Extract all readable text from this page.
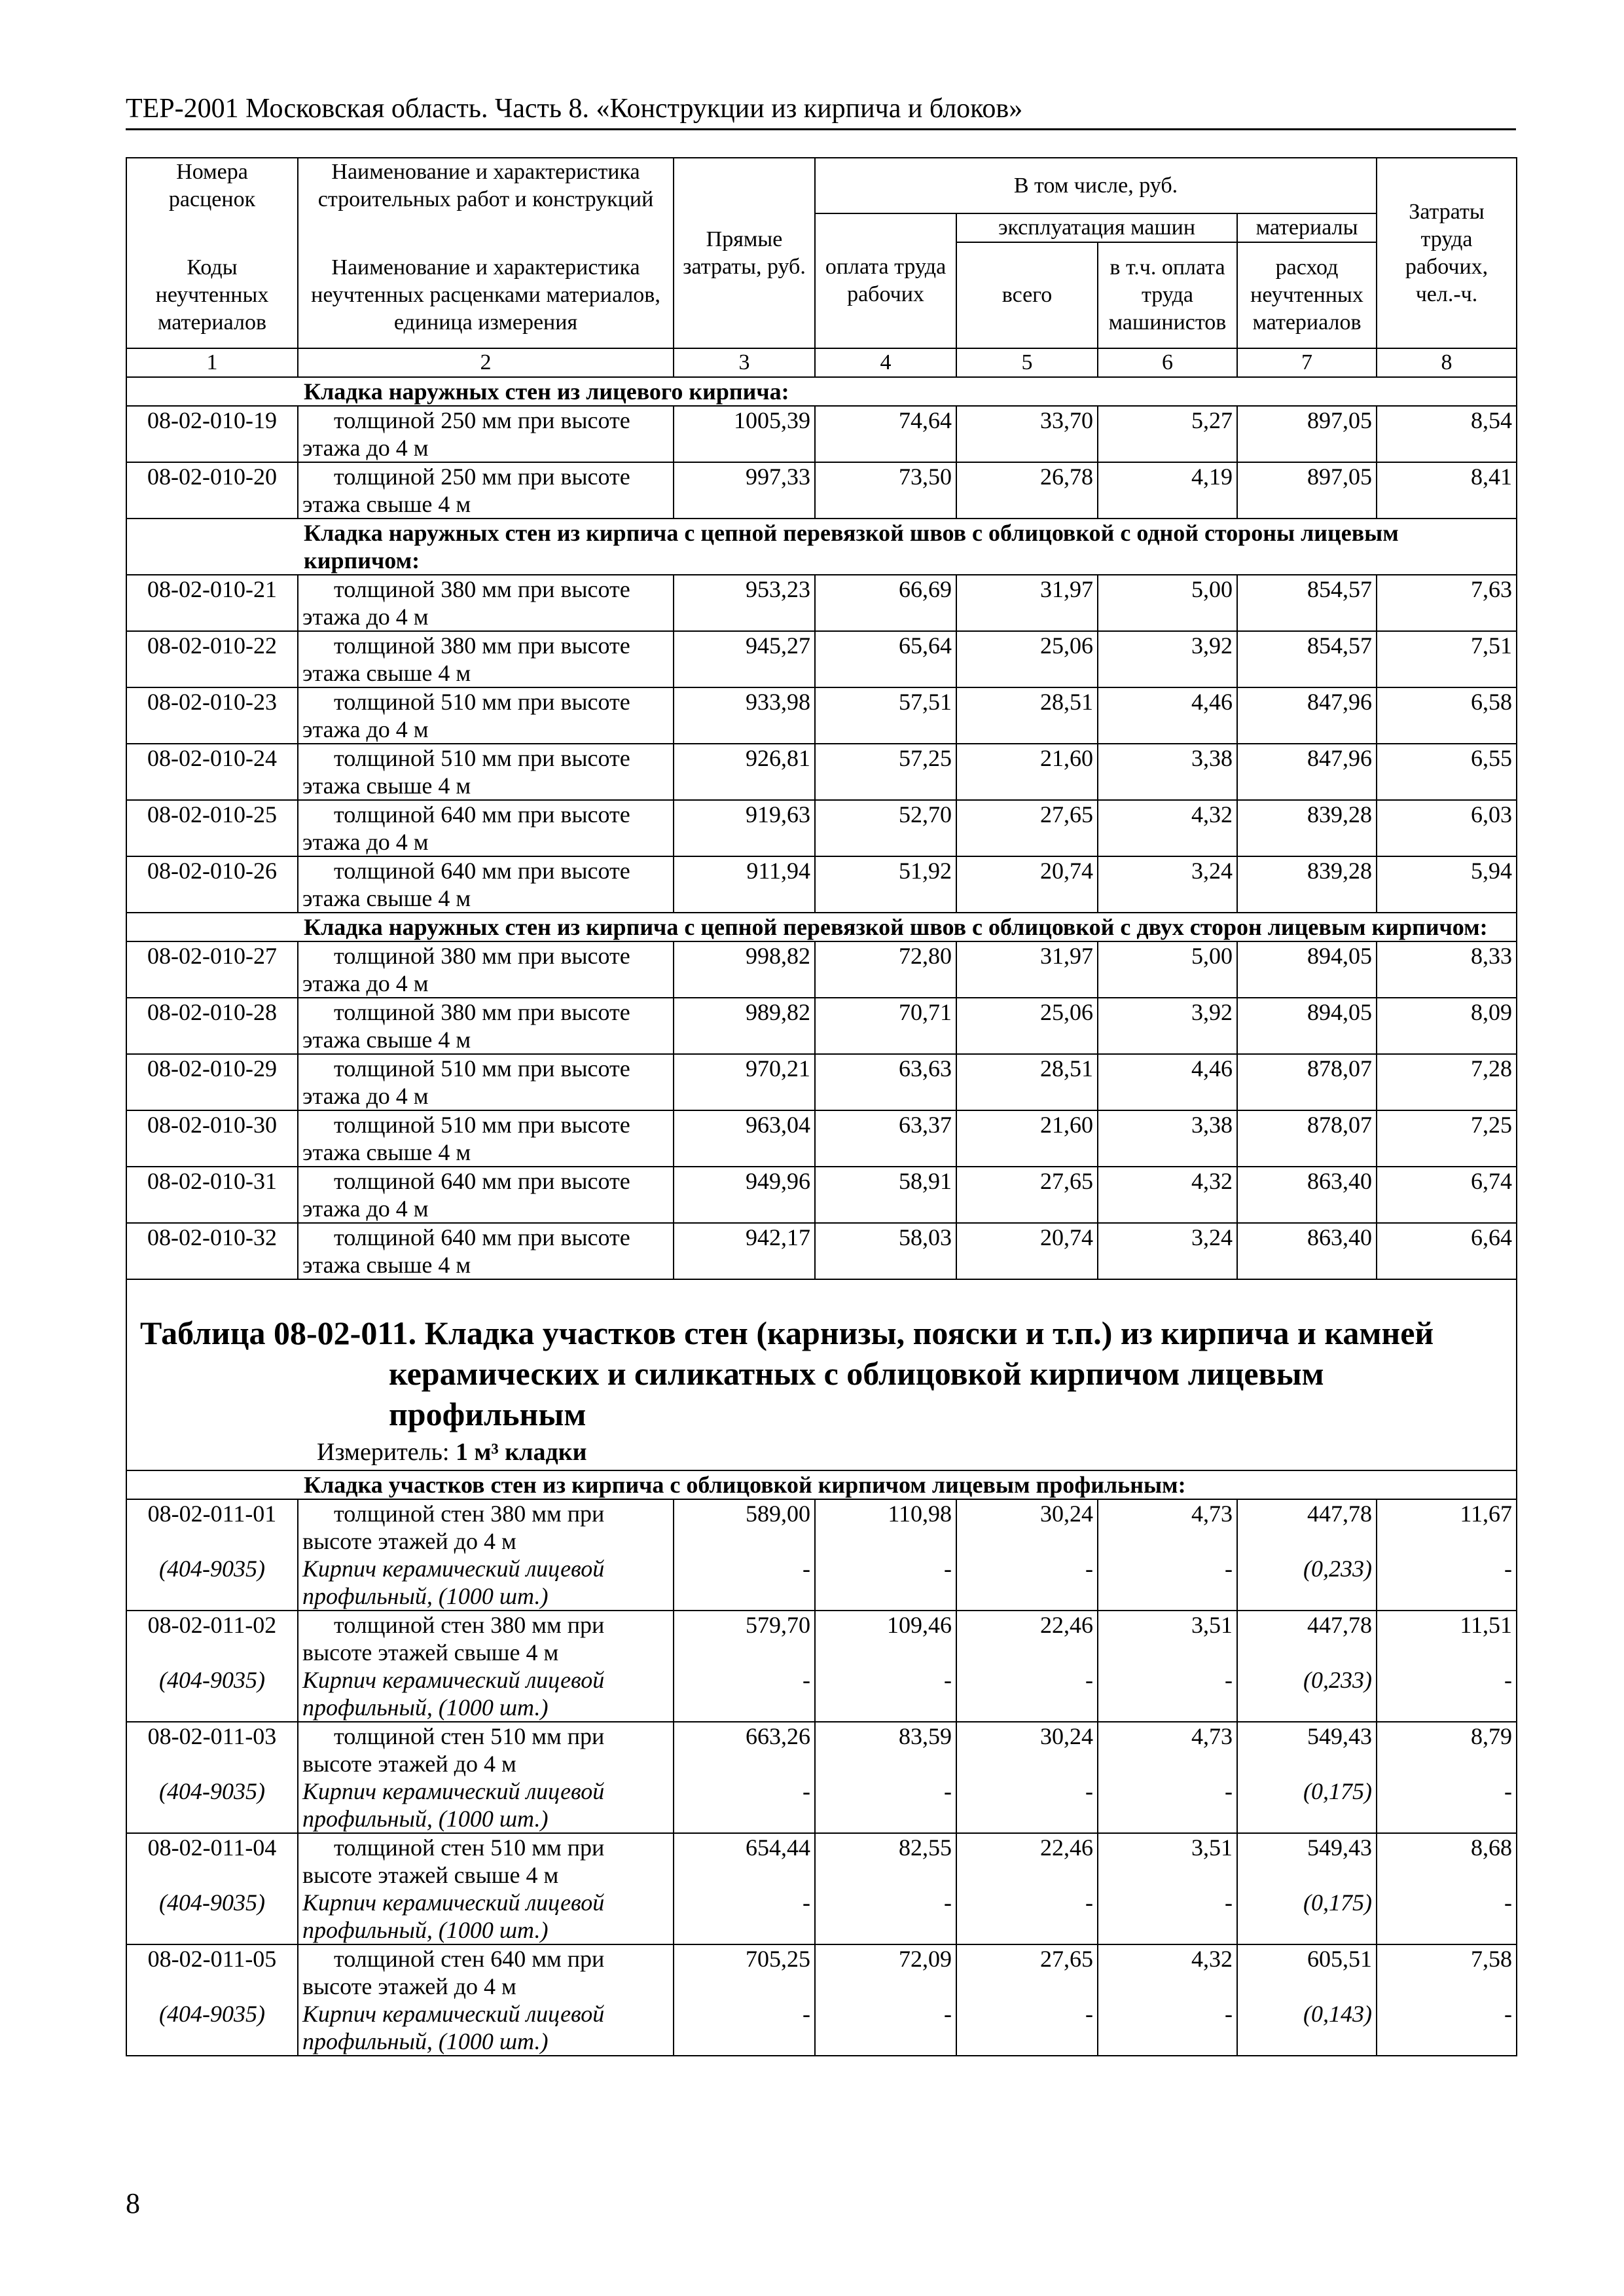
ТЕР-2001 Московская область. Часть 8. «Конструкции из кирпича и блоков»
Номера расценок	Наименование и характеристика строительных работ и конструкций	Прямые затраты, руб.	В том числе, руб.				Затраты труда рабочих, чел.-ч.
			оплата труда рабочих	эксплуатация машин		материалы	
Коды неучтенных материалов	Наименование и характеристика неучтенных расценками материалов, единица измерения			всего	в т.ч. оплата труда машинистов	расход неучтенных материалов	
1	2	3	4	5	6	7	8
Кладка наружных стен из лицевого кирпича:							
08-02-010-19	толщиной 250 мм при высоте этажа до 4 м	1005,39	74,64	33,70	5,27	897,05	8,54
08-02-010-20	толщиной 250 мм при высоте этажа свыше 4 м	997,33	73,50	26,78	4,19	897,05	8,41
Кладка наружных стен из кирпича с цепной перевязкой швов с облицовкой с одной стороны лицевым кирпичом:							
08-02-010-21	толщиной 380 мм при высоте этажа до 4 м	953,23	66,69	31,97	5,00	854,57	7,63
08-02-010-22	толщиной 380 мм при высоте этажа свыше 4 м	945,27	65,64	25,06	3,92	854,57	7,51
08-02-010-23	толщиной 510 мм при высоте этажа до 4 м	933,98	57,51	28,51	4,46	847,96	6,58
08-02-010-24	толщиной 510 мм при высоте этажа свыше 4 м	926,81	57,25	21,60	3,38	847,96	6,55
08-02-010-25	толщиной 640 мм при высоте этажа до 4 м	919,63	52,70	27,65	4,32	839,28	6,03
08-02-010-26	толщиной 640 мм при высоте этажа свыше 4 м	911,94	51,92	20,74	3,24	839,28	5,94
Кладка наружных стен из кирпича с цепной перевязкой швов с облицовкой с двух сторон лицевым кирпичом:							
08-02-010-27	толщиной 380 мм при высоте этажа до 4 м	998,82	72,80	31,97	5,00	894,05	8,33
08-02-010-28	толщиной 380 мм при высоте этажа свыше 4 м	989,82	70,71	25,06	3,92	894,05	8,09
08-02-010-29	толщиной 510 мм при высоте этажа до 4 м	970,21	63,63	28,51	4,46	878,07	7,28
08-02-010-30	толщиной 510 мм при высоте этажа свыше 4 м	963,04	63,37	21,60	3,38	878,07	7,25
08-02-010-31	толщиной 640 мм при высоте этажа до 4 м	949,96	58,91	27,65	4,32	863,40	6,74
08-02-010-32	толщиной 640 мм при высоте этажа свыше 4 м	942,17	58,03	20,74	3,24	863,40	6,64

Таблица 08-02-011. Кладка участков стен (карнизы, пояски и т.п.) из кирпича и камней керамических и силикатных с облицовкой кирпичом лицевым профильным

Измеритель: 1 м³ кладки							

Кладка участков стен из кирпича с облицовкой кирпичом лицевым профильным:							
08-02-011-01	толщиной стен 380 мм при высоте этажей до 4 м	589,00	110,98	30,24	4,73	447,78	11,67
(404-9035)	Кирпич керамический лицевой профильный, (1000 шт.)	-	-	-	-	(0,233)	-
08-02-011-02	толщиной стен 380 мм при высоте этажей свыше 4 м	579,70	109,46	22,46	3,51	447,78	11,51
(404-9035)	Кирпич керамический лицевой профильный, (1000 шт.)	-	-	-	-	(0,233)	-
08-02-011-03	толщиной стен 510 мм при высоте этажей до 4 м	663,26	83,59	30,24	4,73	549,43	8,79
(404-9035)	Кирпич керамический лицевой профильный, (1000 шт.)	-	-	-	-	(0,175)	-
08-02-011-04	толщиной стен 510 мм при высоте этажей свыше 4 м	654,44	82,55	22,46	3,51	549,43	8,68
(404-9035)	Кирпич керамический лицевой профильный, (1000 шт.)	-	-	-	-	(0,175)	-
08-02-011-05	толщиной стен 640 мм при высоте этажей до 4 м	705,25	72,09	27,65	4,32	605,51	7,58
(404-9035)	Кирпич керамический лицевой профильный, (1000 шт.)	-	-	-	-	(0,143)	-
8
